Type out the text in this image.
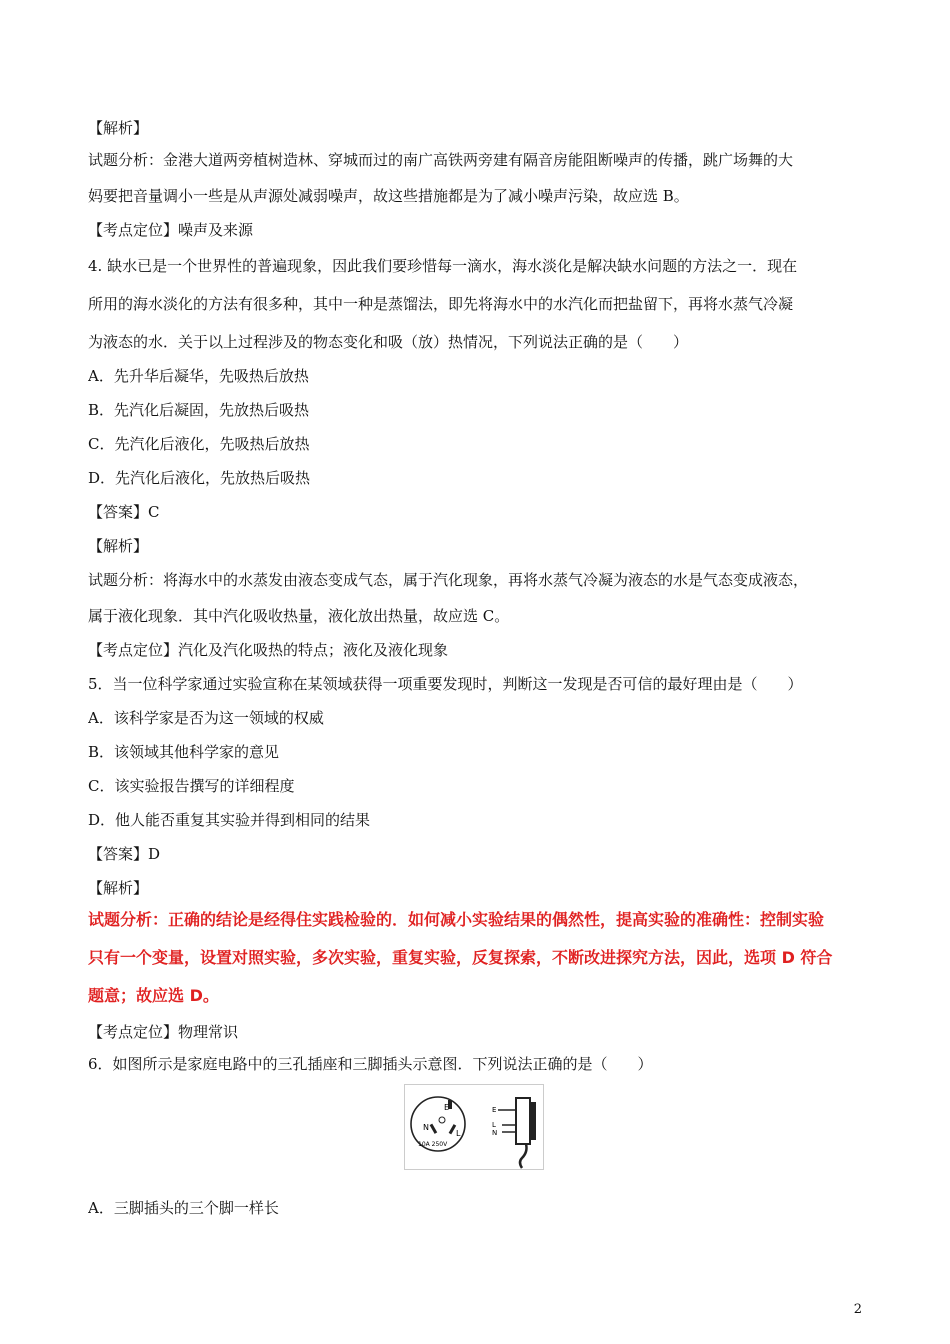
【解析】
试题分析：金港大道两旁植树造林、穿城而过的南广高铁两旁建有隔音房能阻断噪声的传播，跳广场舞的大
妈要把音量调小一些是从声源处减弱噪声，故这些措施都是为了减小噪声污染，故应选 B。
【考点定位】噪声及来源
4. 缺水已是一个世界性的普遍现象，因此我们要珍惜每一滴水，海水淡化是解决缺水问题的方法之一．现在
所用的海水淡化的方法有很多种，其中一种是蒸馏法，即先将海水中的水汽化而把盐留下，再将水蒸气冷凝
为液态的水．关于以上过程涉及的物态变化和吸（放）热情况，下列说法正确的是（　　）
A．先升华后凝华，先吸热后放热
B．先汽化后凝固，先放热后吸热
C．先汽化后液化，先吸热后放热
D．先汽化后液化，先放热后吸热
【答案】C
【解析】
试题分析：将海水中的水蒸发由液态变成气态，属于汽化现象，再将水蒸气冷凝为液态的水是气态变成液态，
属于液化现象．其中汽化吸收热量，液化放出热量，故应选 C。
【考点定位】汽化及汽化吸热的特点；液化及液化现象
5．当一位科学家通过实验宣称在某领域获得一项重要发现时，判断这一发现是否可信的最好理由是（　　）
A．该科学家是否为这一领域的权威
B．该领域其他科学家的意见
C．该实验报告撰写的详细程度
D．他人能否重复其实验并得到相同的结果
【答案】D
【解析】
试题分析：正确的结论是经得住实践检验的．如何减小实验结果的偶然性，提高实验的准确性：控制实验
只有一个变量，设置对照实验，多次实验，重复实验，反复探索，不断改进探究方法，因此，选项 D 符合
题意；故应选 D。
【考点定位】物理常识
6．如图所示是家庭电路中的三孔插座和三脚插头示意图．下列说法正确的是（　　）
E
N
L
10A 250V
E
L
N
A．三脚插头的三个脚一样长
2
